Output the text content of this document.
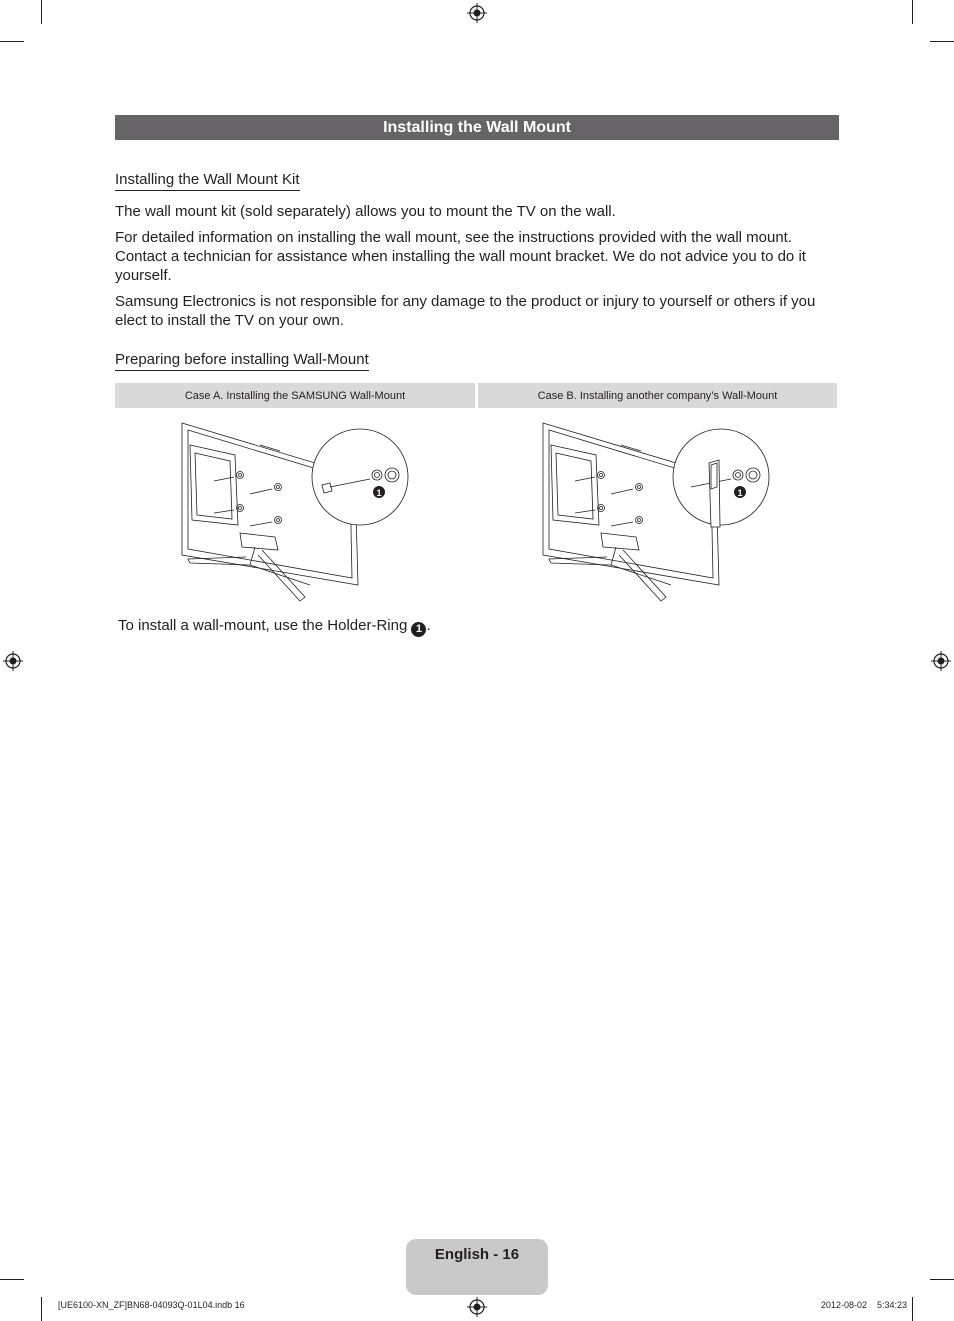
Installing the Wall Mount
Installing the Wall Mount Kit
The wall mount kit (sold separately) allows you to mount the TV on the wall.
For detailed information on installing the wall mount, see the instructions provided with the wall mount. Contact a technician for assistance when installing the wall mount bracket. We do not advice you to do it yourself.
Samsung Electronics is not responsible for any damage to the product or injury to yourself or others if you elect to install the TV on your own.
Preparing before installing Wall-Mount
Case A. Installing the SAMSUNG Wall-Mount	Case B. Installing another company’s Wall-Mount
1	1
To install a wall-mount, use the Holder-Ring 1 .
English - 16
[UE6100-XN_ZF]BN68-04093Q-01L04.indb 16	2012-08-02    5:34:23
